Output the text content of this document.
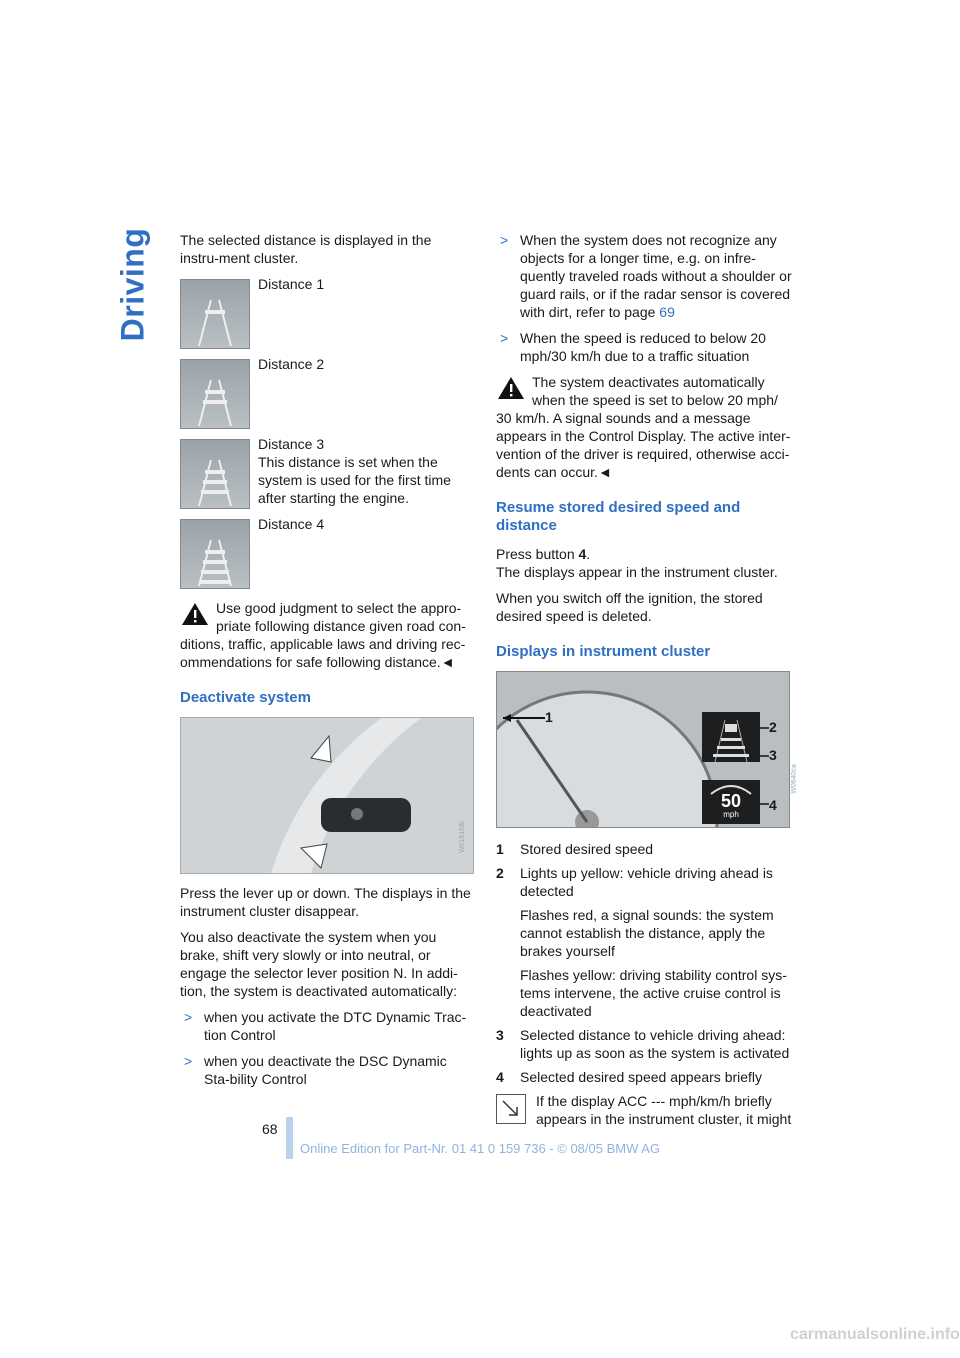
Driving The selected distance is displayed in the instru-ment cluster.

Distance 1
Distance 2
Distance 3
This distance is set when the system is used for the first time after starting the engine.
Distance 4
Use good judgment to select the appro-priate following distance given road con-
ditions, traffic, applicable laws and driving rec-ommendations for safe following distance.◄
Deactivate system
W0161fdb

Press the lever up or down. The displays in the instrument cluster disappear.

You also deactivate the system when you brake, shift very slowly or into neutral, or engage the selector lever position N. In addi-tion, the system is deactivated automatically:

> when you activate the DTC Dynamic Trac-tion Control
> when you deactivate the DSC Dynamic Sta-bility Control
> When the system does not recognize any objects for a longer time, e.g. on infre-quently traveled roads without a shoulder or guard rails, or if the radar sensor is covered with dirt, refer to page 69
> When the speed is reduced to below 20 mph/30 km/h due to a traffic situation
The system deactivates automatically when the speed is set to below 20 mph/
30 km/h. A signal sounds and a message appears in the Control Display. The active inter-vention of the driver is required, otherwise acci-dents can occur.◄
Resume stored desired speed and distance

Press button 4.

The displays appear in the instrument cluster.

When you switch off the ignition, the stored desired speed is deleted.

Displays in instrument cluster
50
mph
1
2
3
4
W0640ca
1 Stored desired speed
2 Lights up yellow: vehicle driving ahead is detected

Flashes red, a signal sounds: the system cannot establish the distance, apply the brakes yourself

Flashes yellow: driving stability control sys-tems intervene, the active cruise control is deactivated

3 Selected distance to vehicle driving ahead: lights up as soon as the system is activated
4 Selected desired speed appears briefly
If the display ACC --- mph/km/h briefly appears in the instrument cluster, it might
68
Online Edition for Part-Nr. 01 41 0 159 736 - © 08/05 BMW AG
carmanualsonline.info
